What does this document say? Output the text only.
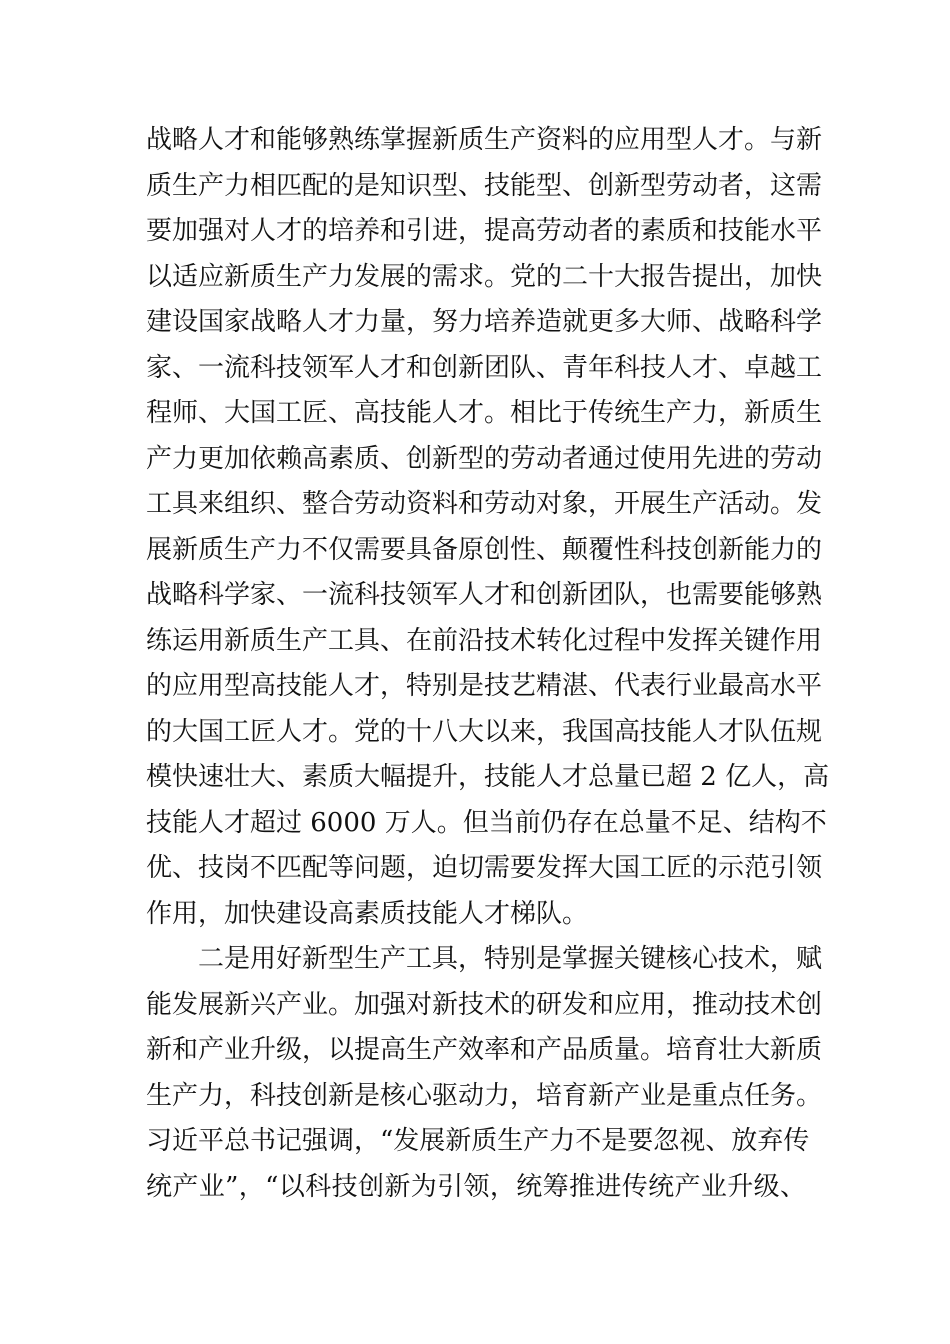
战略人才和能够熟练掌握新质生产资料的应用型人才。与新
质生产力相匹配的是知识型、技能型、创新型劳动者，这需
要加强对人才的培养和引进，提高劳动者的素质和技能水平
以适应新质生产力发展的需求。党的二十大报告提出，加快
建设国家战略人才力量，努力培养造就更多大师、战略科学
家、一流科技领军人才和创新团队、青年科技人才、卓越工
程师、大国工匠、高技能人才。相比于传统生产力，新质生
产力更加依赖高素质、创新型的劳动者通过使用先进的劳动
工具来组织、整合劳动资料和劳动对象，开展生产活动。发
展新质生产力不仅需要具备原创性、颠覆性科技创新能力的
战略科学家、一流科技领军人才和创新团队，也需要能够熟
练运用新质生产工具、在前沿技术转化过程中发挥关键作用
的应用型高技能人才，特别是技艺精湛、代表行业最高水平
的大国工匠人才。党的十八大以来，我国高技能人才队伍规
模快速壮大、素质大幅提升，技能人才总量已超 2 亿人，高
技能人才超过 6000 万人。但当前仍存在总量不足、结构不
优、技岗不匹配等问题，迫切需要发挥大国工匠的示范引领
作用，加快建设高素质技能人才梯队。
二是用好新型生产工具，特别是掌握关键核心技术，赋
能发展新兴产业。加强对新技术的研发和应用，推动技术创
新和产业升级，以提高生产效率和产品质量。培育壮大新质
生产力，科技创新是核心驱动力，培育新产业是重点任务。
习近平总书记强调，“发展新质生产力不是要忽视、放弃传
统产业”，“以科技创新为引领，统筹推进传统产业升级、
